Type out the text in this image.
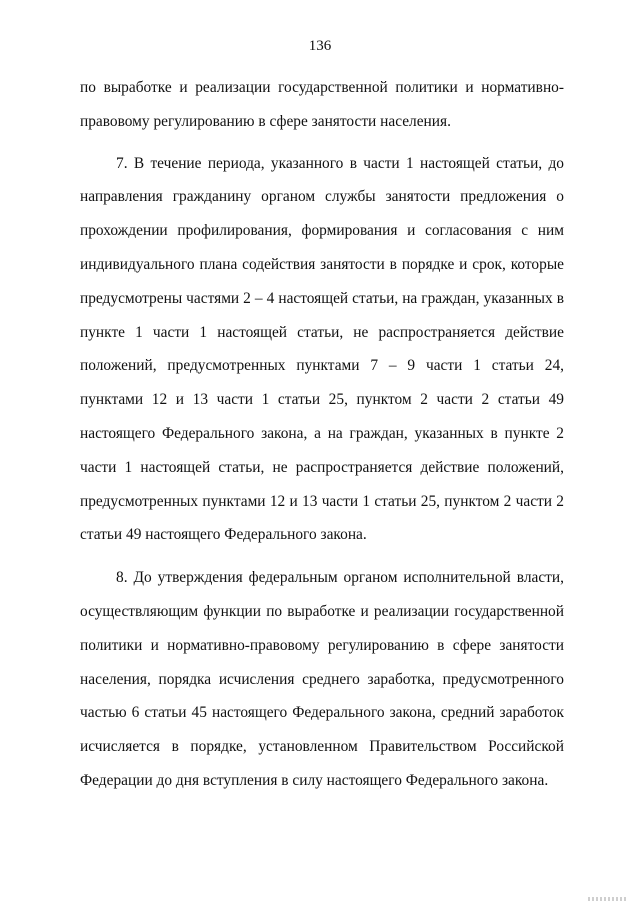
136

по выработке и реализации государственной политики и нормативно-правовому регулированию в сфере занятости населения.

7. В течение периода, указанного в части 1 настоящей статьи, до направления гражданину органом службы занятости предложения о прохождении профилирования, формирования и согласования с ним индивидуального плана содействия занятости в порядке и срок, которые предусмотрены частями 2 – 4 настоящей статьи, на граждан, указанных в пункте 1 части 1 настоящей статьи, не распространяется действие положений, предусмотренных пунктами 7 – 9 части 1 статьи 24, пунктами 12 и 13 части 1 статьи 25, пунктом 2 части 2 статьи 49 настоящего Федерального закона, а на граждан, указанных в пункте 2 части 1 настоящей статьи, не распространяется действие положений, предусмотренных пунктами 12 и 13 части 1 статьи 25, пунктом 2 части 2 статьи 49 настоящего Федерального закона.

8. До утверждения федеральным органом исполнительной власти, осуществляющим функции по выработке и реализации государственной политики и нормативно-правовому регулированию в сфере занятости населения, порядка исчисления среднего заработка, предусмотренного частью 6 статьи 45 настоящего Федерального закона, средний заработок исчисляется в порядке, установленном Правительством Российской Федерации до дня вступления в силу настоящего Федерального закона.
